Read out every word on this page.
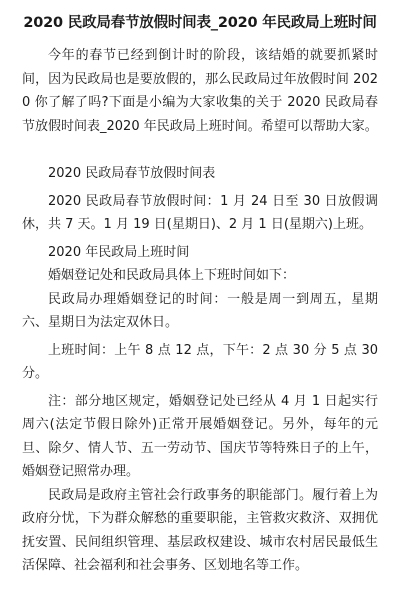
2020 民政局春节放假时间表_2020 年民政局上班时间

今年的春节已经到倒计时的阶段，该结婚的就要抓紧时间，因为民政局也是要放假的，那么民政局过年放假时间 2020 你了解了吗?下面是小编为大家收集的关于 2020 民政局春节放假时间表_2020 年民政局上班时间。希望可以帮助大家。

2020 民政局春节放假时间表

2020 民政局春节放假时间：1 月 24 日至 30 日放假调休，共 7 天。1 月 19 日(星期日)、2 月 1 日(星期六)上班。

2020 年民政局上班时间

婚姻登记处和民政局具体上下班时间如下：

民政局办理婚姻登记的时间：一般是周一到周五，星期六、星期日为法定双休日。

上班时间：上午 8 点 12 点，下午：2 点 30 分 5 点 30 分。

注：部分地区规定，婚姻登记处已经从 4 月 1 日起实行周六(法定节假日除外)正常开展婚姻登记。另外，每年的元旦、除夕、情人节、五一劳动节、国庆节等特殊日子的上午，婚姻登记照常办理。

民政局是政府主管社会行政事务的职能部门。履行着上为政府分忧，下为群众解愁的重要职能，主管救灾救济、双拥优抚安置、民间组织管理、基层政权建设、城市农村居民最低生活保障、社会福利和社会事务、区划地名等工作。
